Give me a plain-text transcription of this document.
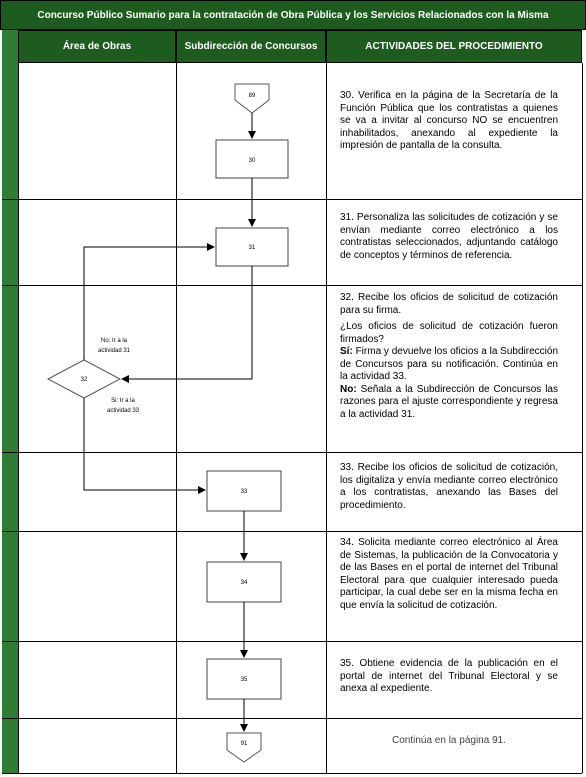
Concurso Público Sumario para la contratación de Obra Pública y los Servicios Relacionados con la Misma
Área de Obras	Subdirección de Concursos	ACTIVIDADES DEL PROCEDIMIENTO
89
30
31
32
No: Ir a la
actividad 31
Si: Ir a la
actividad 33
33
34
35
91

30. Verifica en la página de la Secretaría de la Función Pública que los contratistas a quienes se va a invitar al concurso NO se encuentren inhabilitados, anexando al expediente la impresión de pantalla de la consulta.

31. Personaliza las solicitudes de cotización y se envían mediante correo electrónico a los contratistas seleccionados, adjuntando catálogo de conceptos y términos de referencia.

32. Recibe los oficios de solicitud de cotización para su firma.

¿Los oficios de solicitud de cotización fueron firmados?

Sí: Firma y devuelve los oficios a la Subdirección de Concursos para su notificación. Continúa en la actividad 33.

No: Señala a la Subdirección de Concursos las razones para el ajuste correspondiente y regresa a la actividad 31.

33. Recibe los oficios de solicitud de cotización, los digitaliza y envía mediante correo electrónico a los contratistas, anexando las Bases del procedimiento.

34. Solicita mediante correo electrónico al Área de Sistemas, la publicación de la Convocatoria y de las Bases en el portal de internet del Tribunal Electoral para que cualquier interesado pueda participar, la cual debe ser en la misma fecha en que envía la solicitud de cotización.

35. Obtiene evidencia de la publicación en el portal de internet del Tribunal Electoral y se anexa al expediente.

Continúa en la página 91.
